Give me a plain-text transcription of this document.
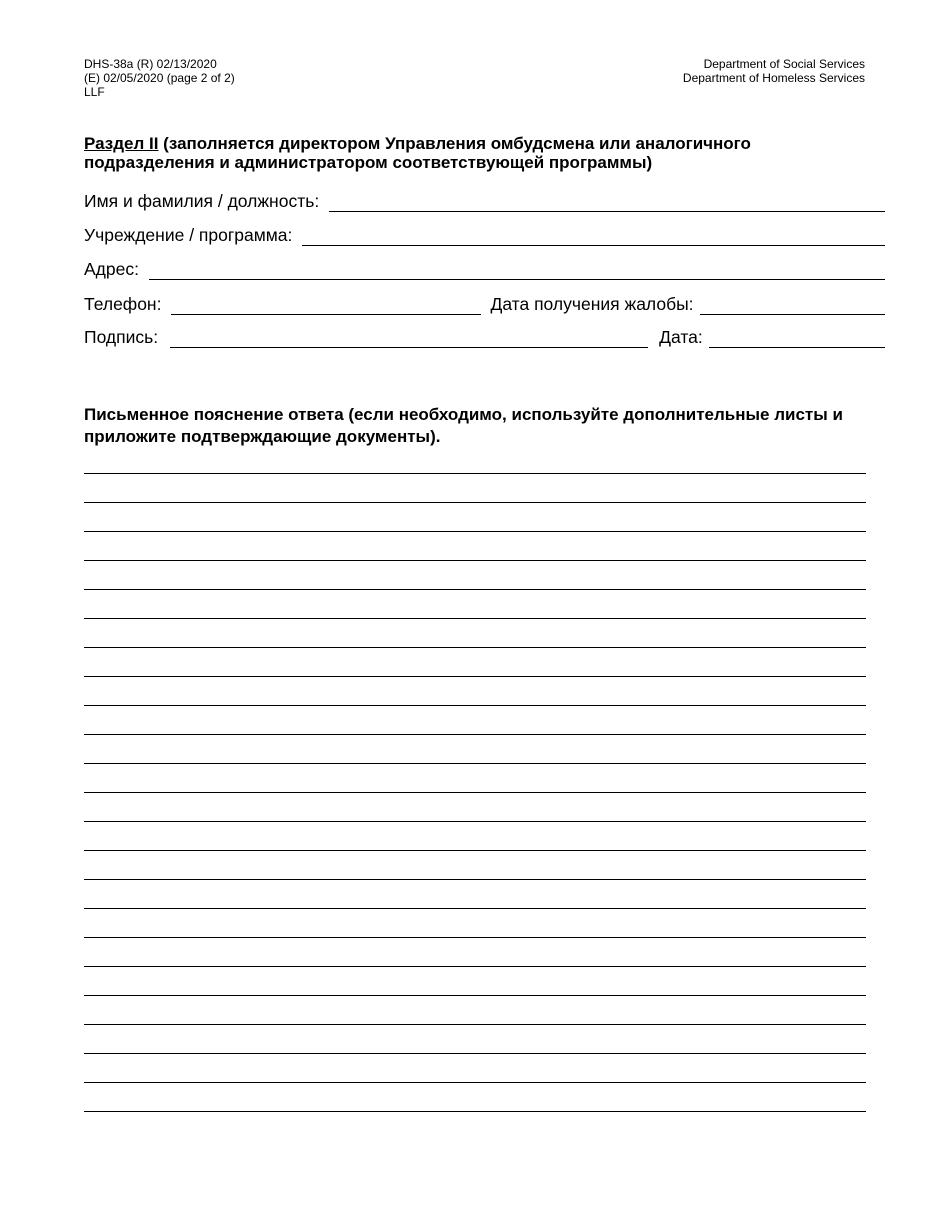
DHS-38a (R) 02/13/2020
(E) 02/05/2020 (page 2 of 2)
LLF
Department of Social Services
Department of Homeless Services
Раздел II (заполняется директором Управления омбудсмена или аналогичного подразделения и администратором соответствующей программы)
Имя и фамилия / должность:
Учреждение / программа:
Адрес:
Телефон:	Дата получения жалобы:
Подпись:	Дата:
Письменное пояснение ответа (если необходимо, используйте дополнительные листы и приложите подтверждающие документы).
